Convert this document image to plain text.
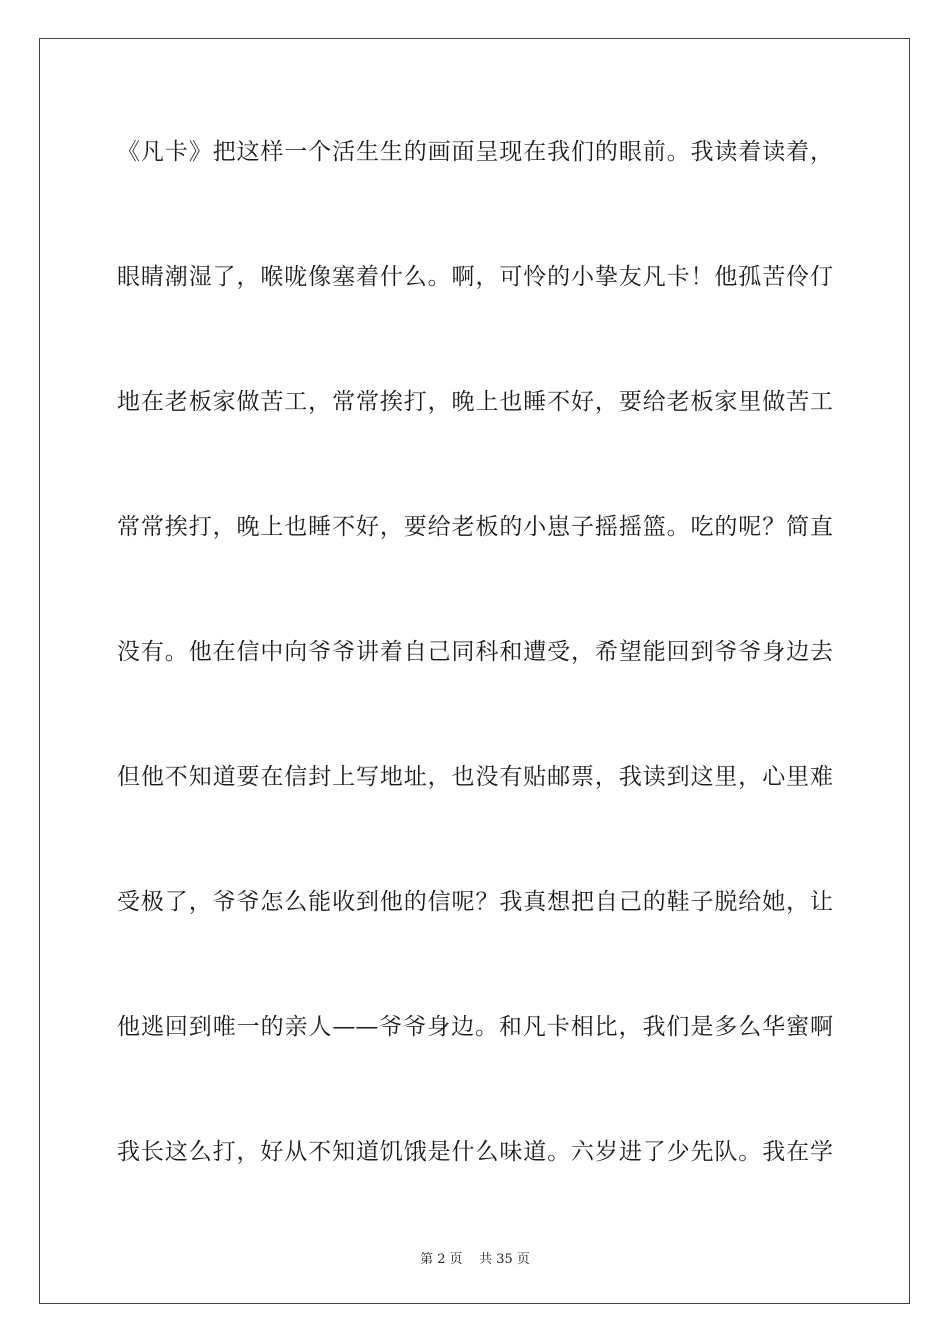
《凡卡》把这样一个活生生的画面呈现在我们的眼前。我读着读着，
眼睛潮湿了，喉咙像塞着什么。啊，可怜的小挚友凡卡！他孤苦伶仃
地在老板家做苦工，常常挨打，晚上也睡不好，要给老板家里做苦工
常常挨打，晚上也睡不好，要给老板的小崽子摇摇篮。吃的呢？简直
没有。他在信中向爷爷讲着自己同科和遭受，希望能回到爷爷身边去
但他不知道要在信封上写地址，也没有贴邮票，我读到这里，心里难
受极了，爷爷怎么能收到他的信呢？我真想把自己的鞋子脱给她，让
他逃回到唯一的亲人——爷爷身边。和凡卡相比，我们是多么华蜜啊
我长这么打，好从不知道饥饿是什么味道。六岁进了少先队。我在学
第 2 页    共 35 页
